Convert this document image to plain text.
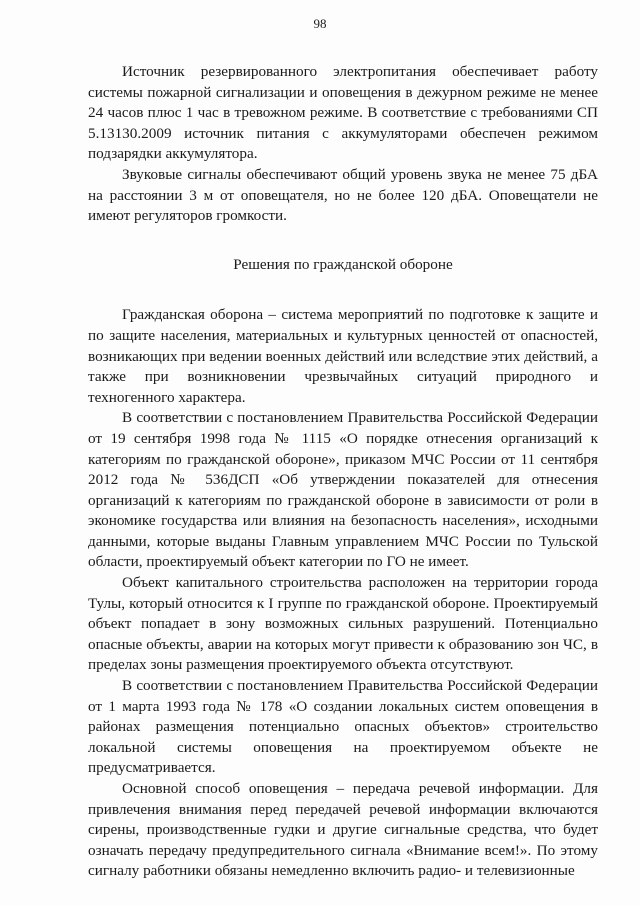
98

Источник резервированного электропитания обеспечивает работу системы пожарной сигнализации и оповещения в дежурном режиме не менее 24 часов плюс 1 час в тревожном режиме. В соответствие с требованиями СП 5.13130.2009 источник питания с аккумуляторами обеспечен режимом подзарядки аккумулятора.

Звуковые сигналы обеспечивают общий уровень звука не менее 75 дБА на расстоянии 3 м от оповещателя, но не более 120 дБА. Оповещатели не имеют регуляторов громкости.

Решения по гражданской обороне

Гражданская оборона – система мероприятий по подготовке к защите и по защите населения, материальных и культурных ценностей от опасностей, возникающих при ведении военных действий или вследствие этих действий, а также при возникновении чрезвычайных ситуаций природного и техногенного характера.

В соответствии с постановлением Правительства Российской Федерации от 19 сентября 1998 года № 1115 «О порядке отнесения организаций к категориям по гражданской обороне», приказом МЧС России от 11 сентября 2012 года № 536ДСП «Об утверждении показателей для отнесения организаций к категориям по гражданской обороне в зависимости от роли в экономике государства или влияния на безопасность населения», исходными данными, которые выданы Главным управлением МЧС России по Тульской области, проектируемый объект категории по ГО не имеет.

Объект капитального строительства расположен на территории города Тулы, который относится к I группе по гражданской обороне. Проектируемый объект попадает в зону возможных сильных разрушений. Потенциально опасные объекты, аварии на которых могут привести к образованию зон ЧС, в пределах зоны размещения проектируемого объекта отсутствуют.

В соответствии с постановлением Правительства Российской Федерации от 1 марта 1993 года № 178 «О создании локальных систем оповещения в районах размещения потенциально опасных объектов» строительство локальной системы оповещения на проектируемом объекте не предусматривается.

Основной способ оповещения – передача речевой информации. Для привлечения внимания перед передачей речевой информации включаются сирены, производственные гудки и другие сигнальные средства, что будет означать передачу предупредительного сигнала «Внимание всем!». По этому сигналу работники обязаны немедленно включить радио- и телевизионные
